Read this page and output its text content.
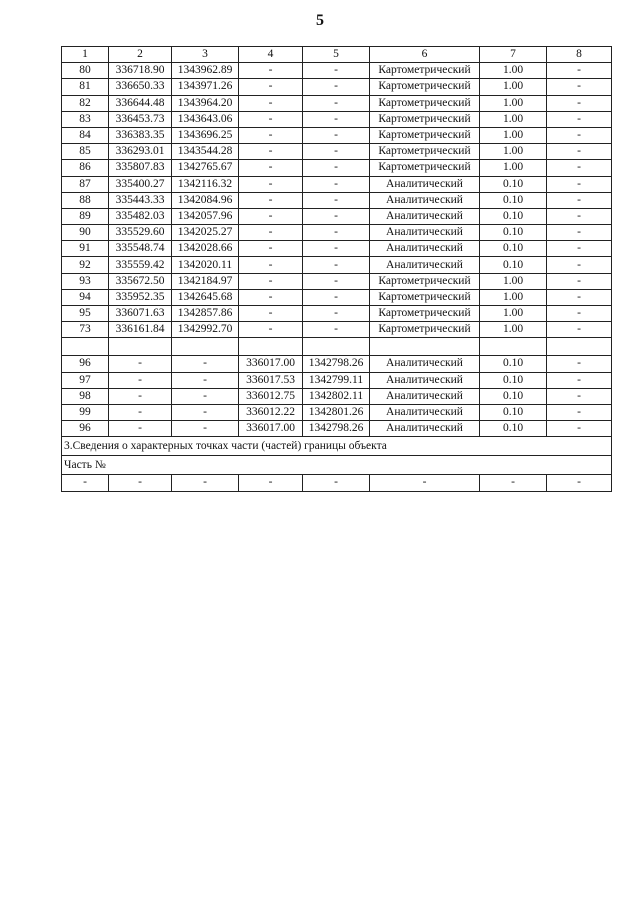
5
1	2	3	4	5	6	7	8
80	336718.90	1343962.89	-	-	Картометрический	1.00	-
81	336650.33	1343971.26	-	-	Картометрический	1.00	-
82	336644.48	1343964.20	-	-	Картометрический	1.00	-
83	336453.73	1343643.06	-	-	Картометрический	1.00	-
84	336383.35	1343696.25	-	-	Картометрический	1.00	-
85	336293.01	1343544.28	-	-	Картометрический	1.00	-
86	335807.83	1342765.67	-	-	Картометрический	1.00	-
87	335400.27	1342116.32	-	-	Аналитический	0.10	-
88	335443.33	1342084.96	-	-	Аналитический	0.10	-
89	335482.03	1342057.96	-	-	Аналитический	0.10	-
90	335529.60	1342025.27	-	-	Аналитический	0.10	-
91	335548.74	1342028.66	-	-	Аналитический	0.10	-
92	335559.42	1342020.11	-	-	Аналитический	0.10	-
93	335672.50	1342184.97	-	-	Картометрический	1.00	-
94	335952.35	1342645.68	-	-	Картометрический	1.00	-
95	336071.63	1342857.86	-	-	Картометрический	1.00	-
73	336161.84	1342992.70	-	-	Картометрический	1.00	-

96	-	-	336017.00	1342798.26	Аналитический	0.10	-
97	-	-	336017.53	1342799.11	Аналитический	0.10	-
98	-	-	336012.75	1342802.11	Аналитический	0.10	-
99	-	-	336012.22	1342801.26	Аналитический	0.10	-
96	-	-	336017.00	1342798.26	Аналитический	0.10	-
3.Сведения о характерных точках части (частей) границы объекта							
Часть №							
-	-	-	-	-	-	-	-
